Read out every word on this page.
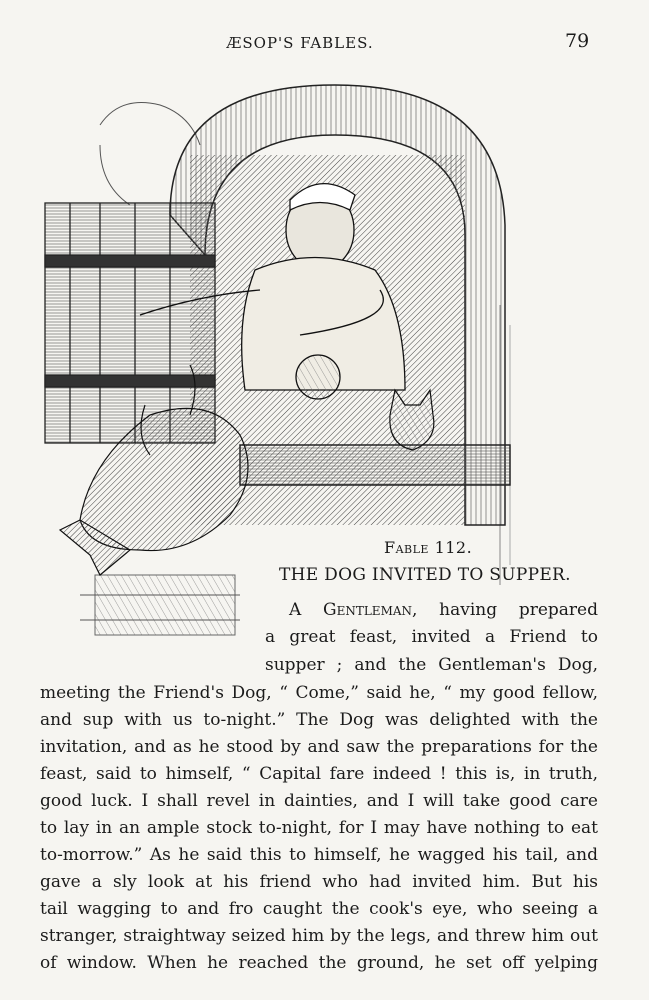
ÆSOP'S FABLES.	79
Fable 112.
THE DOG INVITED TO SUPPER.
A Gentleman, having prepared
a great feast, invited a Friend to
supper ; and the Gentleman's Dog,
meeting the Friend's Dog, “ Come,” said he, “ my good fellow,
and sup with us to-night.” The Dog was delighted with the
invitation, and as he stood by and saw the preparations for the
feast, said to himself, “ Capital fare indeed ! this is, in truth,
good luck. I shall revel in dainties, and I will take good care
to lay in an ample stock to-night, for I may have nothing to eat
to-morrow.” As he said this to himself, he wagged his tail, and
gave a sly look at his friend who had invited him. But his
tail wagging to and fro caught the cook's eye, who seeing a
stranger, straightway seized him by the legs, and threw him out
of window. When he reached the ground, he set off yelping
